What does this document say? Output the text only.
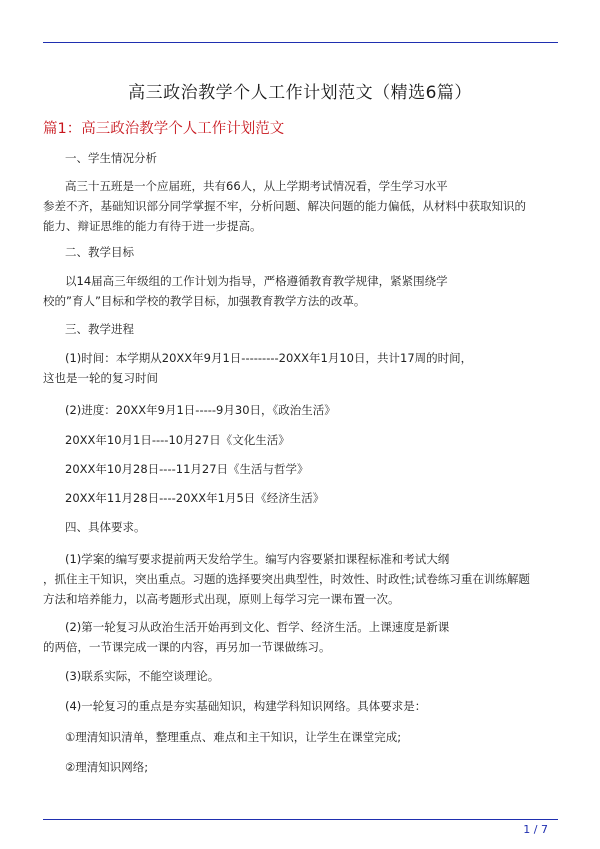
高三政治教学个人工作计划范文（精选6篇）
篇1：高三政治教学个人工作计划范文
一、学生情况分析
高三十五班是一个应届班，共有66人，从上学期考试情况看，学生学习水平
参差不齐，基础知识部分同学掌握不牢，分析问题、解决问题的能力偏低，从材料中获取知识的
能力、辩证思维的能力有待于进一步提高。
二、教学目标
以14届高三年级组的工作计划为指导，严格遵循教育教学规律，紧紧围绕学
校的”育人”目标和学校的教学目标，加强教育教学方法的改革。
三、教学进程
(1)时间：本学期从20XX年9月1日---------20XX年1月10日，共计17周的时间，
这也是一轮的复习时间
(2)进度：20XX年9月1日-----9月30日，《政治生活》
20XX年10月1日----10月27日《文化生活》
20XX年10月28日----11月27日《生活与哲学》
20XX年11月28日----20XX年1月5日《经济生活》
四、具体要求。
(1)学案的编写要求提前两天发给学生。编写内容要紧扣课程标准和考试大纲
，抓住主干知识，突出重点。习题的选择要突出典型性，时效性、时政性;试卷练习重在训练解题
方法和培养能力，以高考题形式出现，原则上每学习完一课布置一次。
(2)第一轮复习从政治生活开始再到文化、哲学、经济生活。上课速度是新课
的两倍，一节课完成一课的内容，再另加一节课做练习。
(3)联系实际，不能空谈理论。
(4)一轮复习的重点是夯实基础知识，构建学科知识网络。具体要求是：
①理清知识清单，整理重点、难点和主干知识，让学生在课堂完成;
②理清知识网络;
1 / 7
